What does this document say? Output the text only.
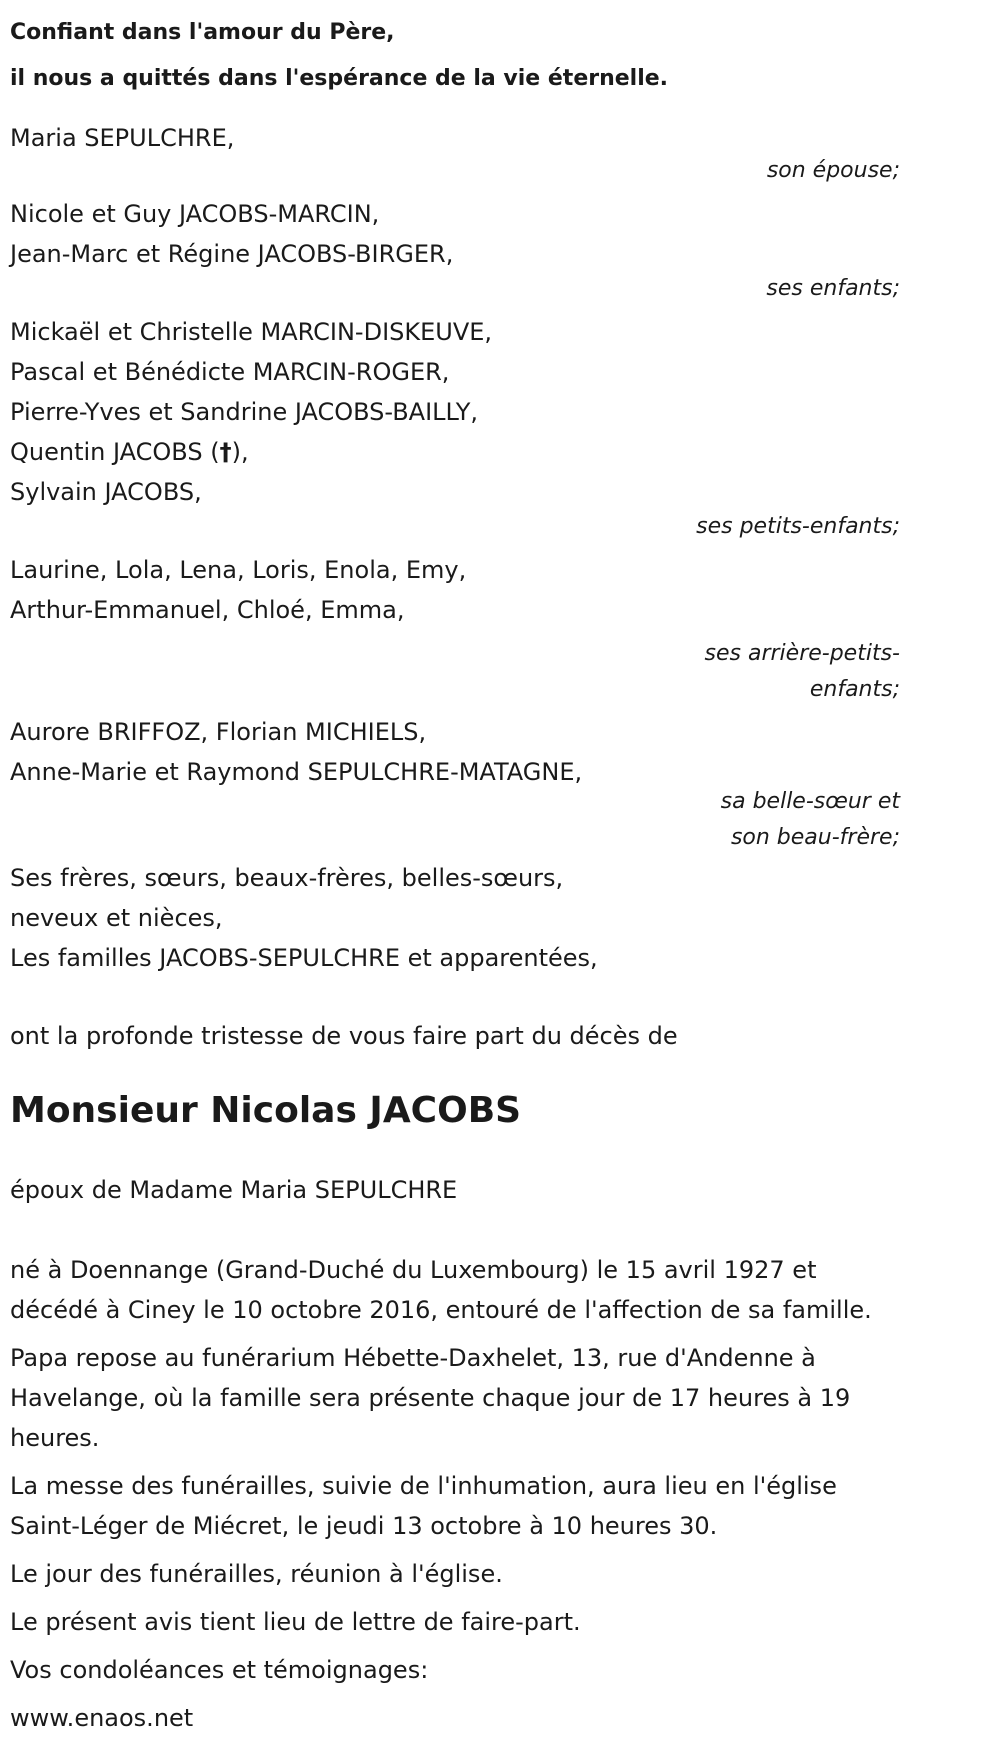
Confiant dans l'amour du Père,
il nous a quittés dans l'espérance de la vie éternelle.
Maria SEPULCHRE,
son épouse;
Nicole et Guy JACOBS-MARCIN,
Jean-Marc et Régine JACOBS-BIRGER,
ses enfants;
Mickaël et Christelle MARCIN-DISKEUVE,
Pascal et Bénédicte MARCIN-ROGER,
Pierre-Yves et Sandrine JACOBS-BAILLY,
Quentin JACOBS (†),
Sylvain JACOBS,
ses petits-enfants;
Laurine, Lola, Lena, Loris, Enola, Emy,
Arthur-Emmanuel, Chloé, Emma,
ses arrière-petits-
enfants;
Aurore BRIFFOZ, Florian MICHIELS,
Anne-Marie et Raymond SEPULCHRE-MATAGNE,
sa belle-sœur et
son beau-frère;
Ses frères, sœurs, beaux-frères, belles-sœurs,
neveux et nièces,
Les familles JACOBS-SEPULCHRE et apparentées,
ont la profonde tristesse de vous faire part du décès de
Monsieur Nicolas JACOBS
époux de Madame Maria SEPULCHRE
né à Doennange (Grand-Duché du Luxembourg) le 15 avril 1927 et décédé à Ciney le 10 octobre 2016, entouré de l'affection de sa famille.
Papa repose au funérarium Hébette-Daxhelet, 13, rue d'Andenne à Havelange, où la famille sera présente chaque jour de 17 heures à 19 heures.
La messe des funérailles, suivie de l'inhumation, aura lieu en l'église Saint-Léger de Miécret, le jeudi 13 octobre à 10 heures 30.
Le jour des funérailles, réunion à l'église.
Le présent avis tient lieu de lettre de faire-part.
Vos condoléances et témoignages:
www.enaos.net
